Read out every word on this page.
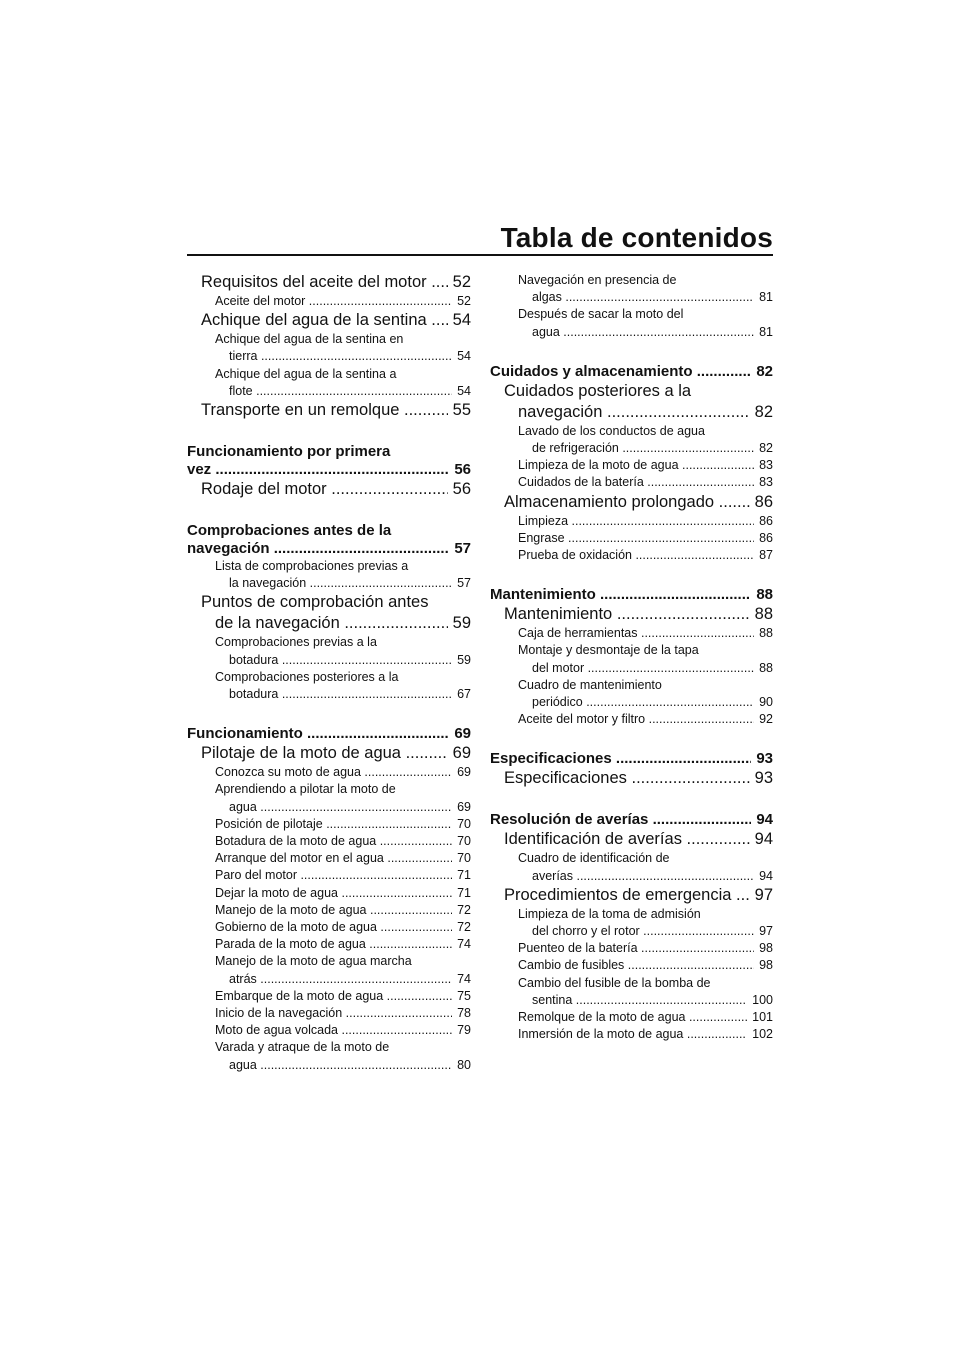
Tabla de contenidos
Requisitos del aceite del motor .....	52
Aceite del motor .....	52
Achique del agua de la sentina .....	54
Achique del agua de la sentina en
tierra .....	54
Achique del agua de la sentina a
flote .....	54
Transporte en un remolque .....	55
Funcionamiento por primera
vez .....	56
Rodaje del motor .....	56
Comprobaciones antes de la
navegación .....	57
Lista de comprobaciones previas a
la navegación .....	57
Puntos de comprobación antes
de la navegación .....	59
Comprobaciones previas a la
botadura .....	59
Comprobaciones posteriores a la
botadura .....	67
Funcionamiento .....	69
Pilotaje de la moto de agua .....	69
Conozca su moto de agua .....	69
Aprendiendo a pilotar la moto de
agua .....	69
Posición de pilotaje .....	70
Botadura de la moto de agua .....	70
Arranque del motor en el agua .....	70
Paro del motor .....	71
Dejar la moto de agua .....	71
Manejo de la moto de agua .....	72
Gobierno de la moto de agua .....	72
Parada de la moto de agua .....	74
Manejo de la moto de agua marcha
atrás .....	74
Embarque de la moto de agua .....	75
Inicio de la navegación .....	78
Moto de agua volcada .....	79
Varada y atraque de la moto de
agua .....	80
Navegación en presencia de
algas .....	81
Después de sacar la moto del
agua .....	81
Cuidados y almacenamiento .....	82
Cuidados posteriores a la
navegación .....	82
Lavado de los conductos de agua
de refrigeración .....	82
Limpieza de la moto de agua .....	83
Cuidados de la batería .....	83
Almacenamiento prolongado .....	86
Limpieza .....	86
Engrase .....	86
Prueba de oxidación .....	87
Mantenimiento .....	88
Mantenimiento .....	88
Caja de herramientas .....	88
Montaje y desmontaje de la tapa
del motor .....	88
Cuadro de mantenimiento
periódico .....	90
Aceite del motor y filtro .....	92
Especificaciones .....	93
Especificaciones .....	93
Resolución de averías .....	94
Identificación de averías .....	94
Cuadro de identificación de
averías .....	94
Procedimientos de emergencia .....	97
Limpieza de la toma de admisión
del chorro y el rotor .....	97
Puenteo de la batería .....	98
Cambio de fusibles .....	98
Cambio del fusible de la bomba de
sentina .....	100
Remolque de la moto de agua .....	101
Inmersión de la moto de agua .....	102
